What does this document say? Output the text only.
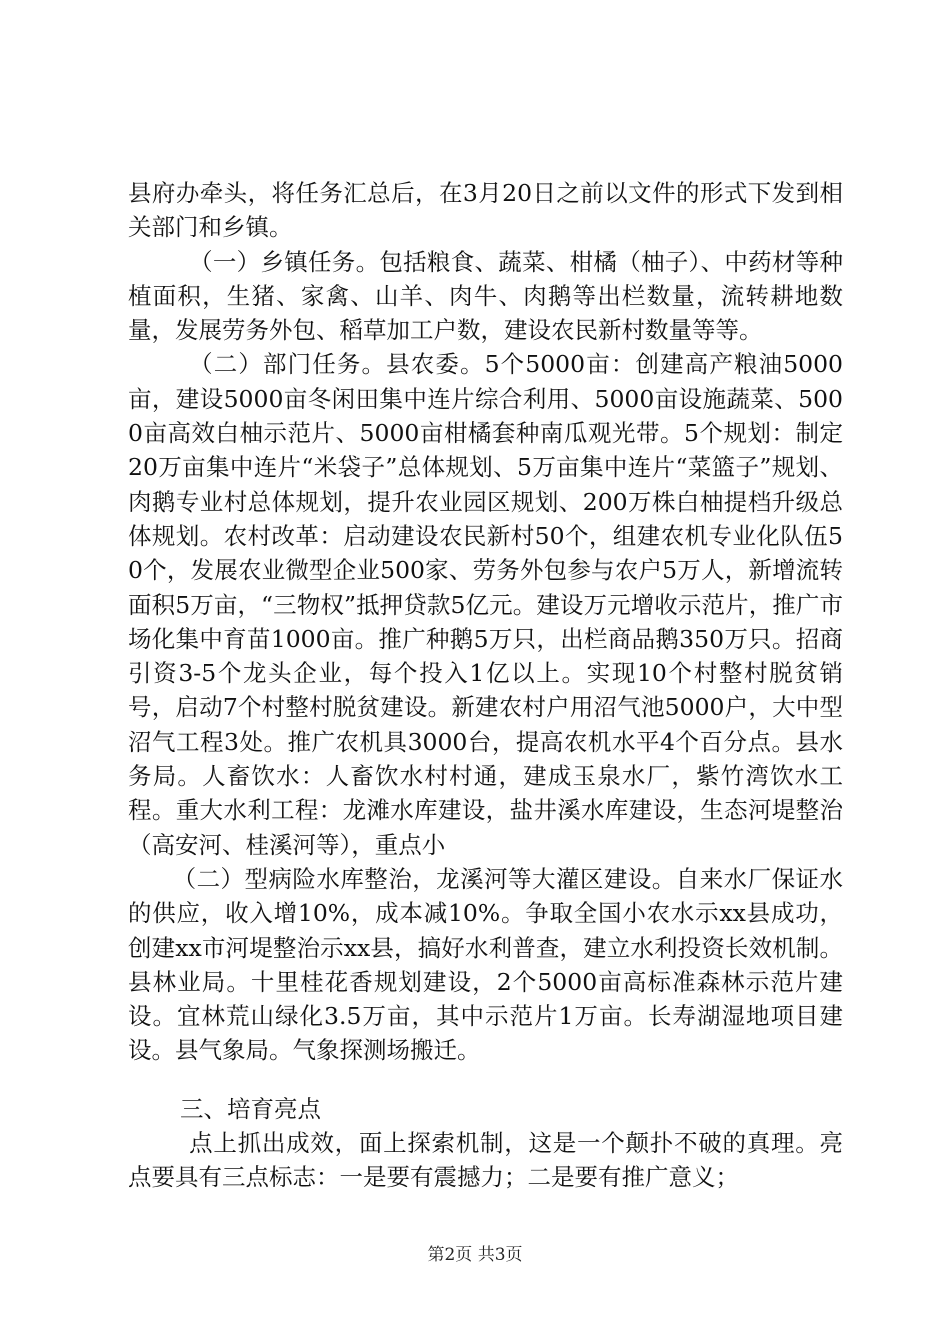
县府办牵头，将任务汇总后，在3月20日之前以文件的形式下发到相关部门和乡镇。

（一）乡镇任务。包括粮食、蔬菜、柑橘（柚子）、中药材等种植面积，生猪、家禽、山羊、肉牛、肉鹅等出栏数量，流转耕地数量，发展劳务外包、稻草加工户数，建设农民新村数量等等。

（二）部门任务。县农委。5个5000亩：创建高产粮油5000亩，建设5000亩冬闲田集中连片综合利用、5000亩设施蔬菜、5000亩高效白柚示范片、5000亩柑橘套种南瓜观光带。5个规划：制定20万亩集中连片“米袋子”总体规划、5万亩集中连片“菜篮子”规划、肉鹅专业村总体规划，提升农业园区规划、200万株白柚提档升级总体规划。农村改革：启动建设农民新村50个，组建农机专业化队伍50个，发展农业微型企业500家、劳务外包参与农户5万人，新增流转面积5万亩，“三物权”抵押贷款5亿元。建设万元增收示范片，推广市场化集中育苗1000亩。推广种鹅5万只，出栏商品鹅350万只。招商引资3-5个龙头企业，每个投入1亿以上。实现10个村整村脱贫销号，启动7个村整村脱贫建设。新建农村户用沼气池5000户，大中型沼气工程3处。推广农机具3000台，提高农机水平4个百分点。县水务局。人畜饮水：人畜饮水村村通，建成玉泉水厂，紫竹湾饮水工程。重大水利工程：龙滩水库建设，盐井溪水库建设，生态河堤整治（高安河、桂溪河等），重点小

（二）型病险水库整治，龙溪河等大灌区建设。自来水厂保证水的供应，收入增10%，成本减10%。争取全国小农水示xx县成功，创建xx市河堤整治示xx县，搞好水利普查，建立水利投资长效机制。县林业局。十里桂花香规划建设，2个5000亩高标准森林示范片建设。宜林荒山绿化3.5万亩，其中示范片1万亩。长寿湖湿地项目建设。县气象局。气象探测场搬迁。

三、培育亮点

点上抓出成效，面上探索机制，这是一个颠扑不破的真理。亮点要具有三点标志：一是要有震撼力；二是要有推广意义；

第2页 共3页
